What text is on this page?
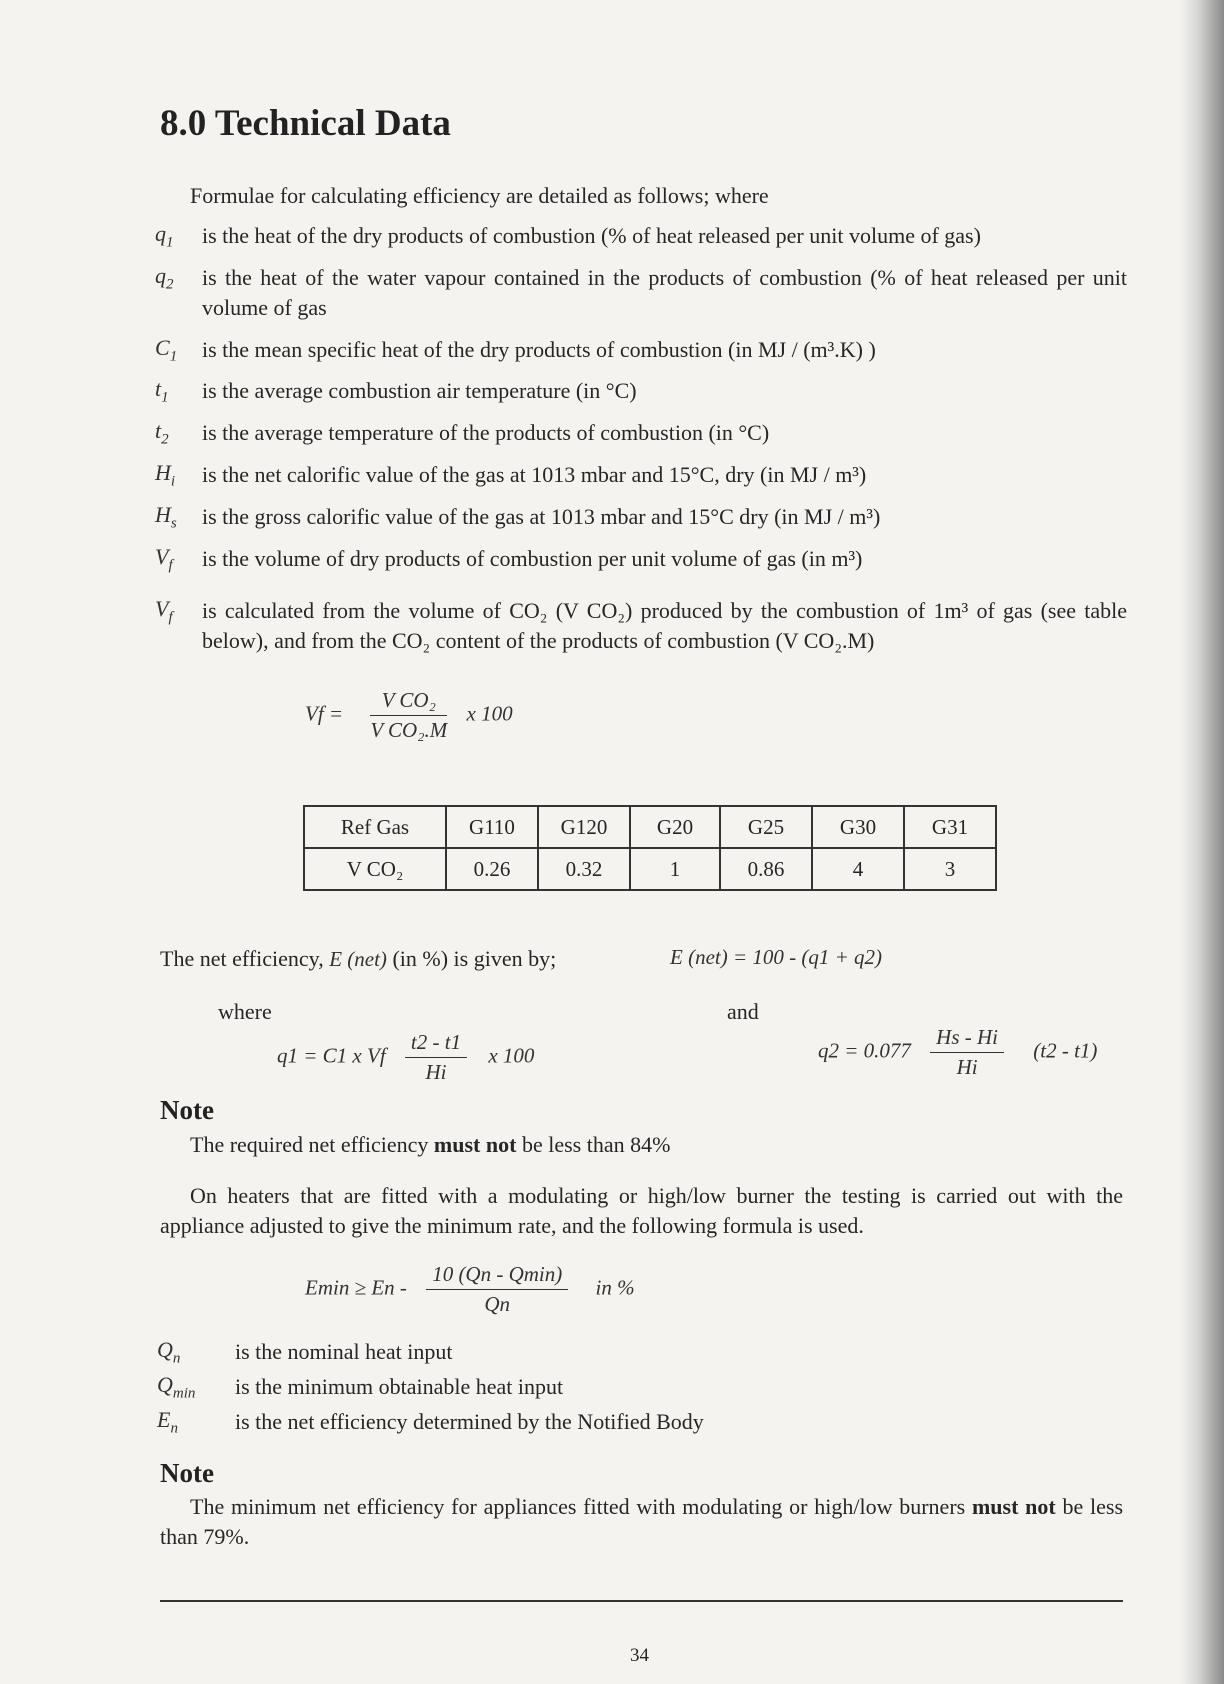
8.0 Technical Data
Formulae for calculating efficiency are detailed as follows; where
$q_1$ is the heat of the dry products of combustion (% of heat released per unit volume of gas)
$q_2$ is the heat of the water vapour contained in the products of combustion (% of heat released per unit volume of gas
$C_1$ is the mean specific heat of the dry products of combustion (in MJ / (m³.K) )
$t_1$ is the average combustion air temperature (in °C)
$t_2$ is the average temperature of the products of combustion (in °C)
$H_i$ is the net calorific value of the gas at 1013 mbar and 15°C, dry (in MJ / m³)
$H_s$ is the gross calorific value of the gas at 1013 mbar and 15°C dry (in MJ / m³)
$V_f$ is the volume of dry products of combustion per unit volume of gas (in m³)
$V_f$ is calculated from the volume of CO₂ (V CO₂) produced by the combustion of 1m³ of gas (see table below), and from the CO₂ content of the products of combustion (V CO₂.M)
$Vf = \frac{\text{V CO₂}}{\text{V CO₂.M}}$ x 100
Ref Gas	G110	G120	G20	G25	G30	G31
V CO₂	0.26	0.32	1	0.86	4	3
The net efficiency, E (net) (in %) is given by;	E (net) = 100 - (q1 + q2)
where	and
q1 = C1 x Vf $\frac{t2 - t1}{Hi}$ x 100	$q2 = 0.077 \frac{Hs - Hi}{Hi} (t2 - t1)$
Note
The required net efficiency must not be less than 84%
On heaters that are fitted with a modulating or high/low burner the testing is carried out with the appliance adjusted to give the minimum rate, and the following formula is used.
$Emin \ge En - \frac{10 (Qn - Qmin)}{Qn}$ in %
$Q_n$ is the nominal heat input
$Q_{min}$ is the minimum obtainable heat input
$E_n$	is the net efficiency determined by the Notified Body
Note
The minimum net efficiency for appliances fitted with modulating or high/low burners must not be less than 79%.
34
